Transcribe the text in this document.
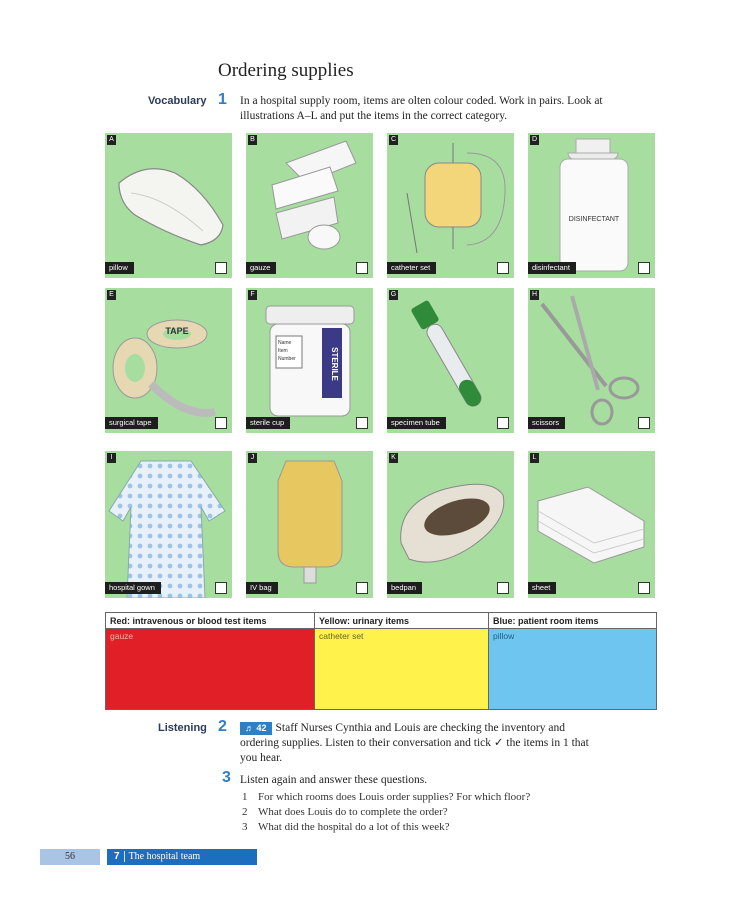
Ordering supplies
Vocabulary 1 In a hospital supply room, items are olten colour coded. Work in pairs. Look at
illustrations A–L and put the items in the correct category.
A
pillow
B
gauze
C
catheter set
DISINFECTANT
D
disinfectant
TAPE
E
surgical tape
Name
Item
Number	STERILE
F
sterile cup
G
specimen tube
H
scissors
I
hospital gown
J
IV bag
K
bedpan
L
sheet
Red: intravenous or blood test items	Yellow: urinary items	Blue: patient room items
gauze	catheter set	pillow
Listening 2	♬ 42 Staff Nurses Cynthia and Louis are checking the inventory and
ordering supplies. Listen to their conversation and tick ✓ the items in 1 that
you hear.
3 Listen again and answer these questions.
1 For which rooms does Louis order supplies? For which floor?
2 What does Louis do to complete the order?
3 What did the hospital do a lot of this week?
56	7 The hospital team
